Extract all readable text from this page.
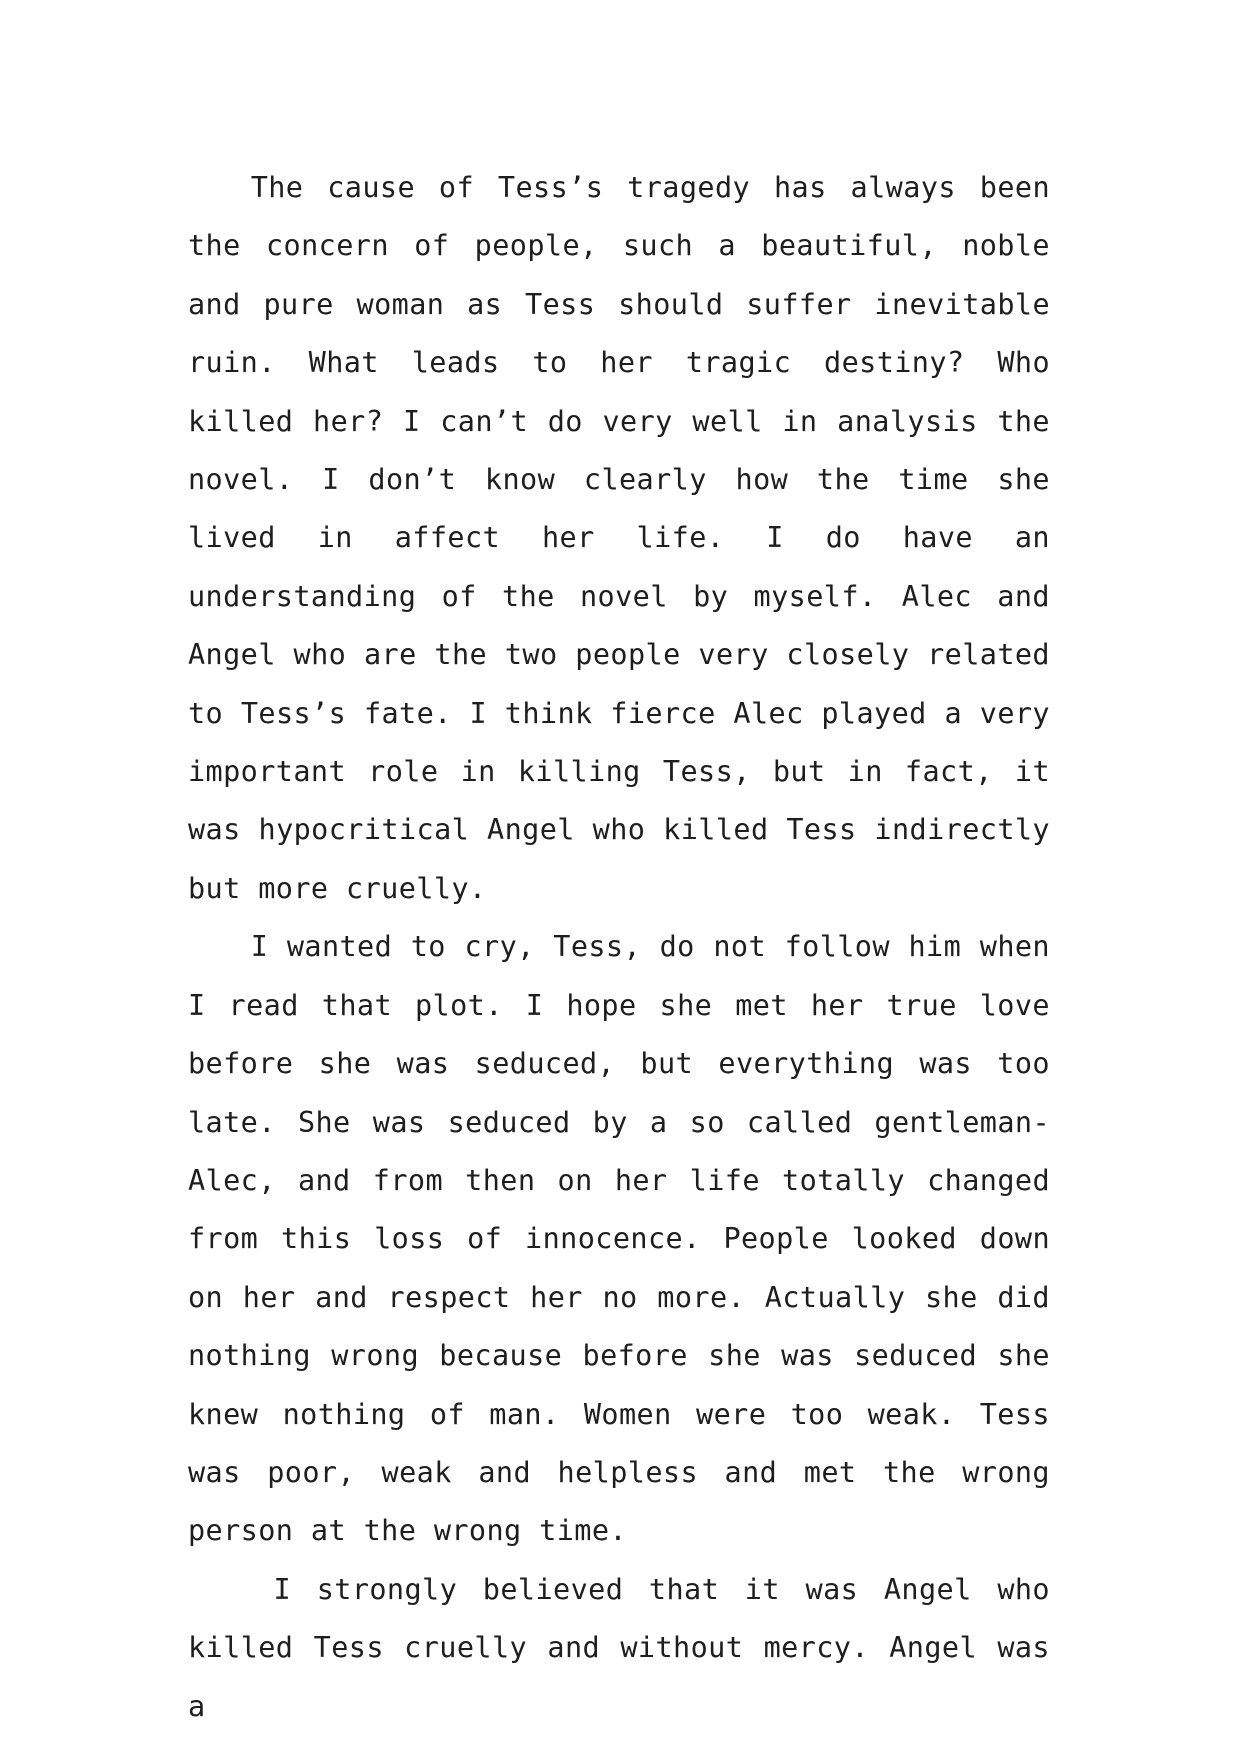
The cause of Tess’s tragedy has always been the concern of people, such a beautiful, noble and pure woman as Tess should suffer inevitable ruin. What leads to her tragic destiny? Who killed her? I can’t do very well in analysis the novel. I don’t know clearly how the time she lived in affect her life. I do have an understanding of the novel by myself. Alec and Angel who are the two people very closely related to Tess’s fate. I think fierce Alec played a very important role in killing Tess, but in fact, it was hypocritical Angel who killed Tess indirectly but more cruelly.

I wanted to cry, Tess, do not follow him when I read that plot. I hope she met her true love before she was seduced, but everything was too late. She was seduced by a so called gentleman-Alec, and from then on her life totally changed from this loss of innocence. People looked down on her and respect her no more. Actually she did nothing wrong because before she was seduced she knew nothing of man. Women were too weak. Tess was poor, weak and helpless and met the wrong person at the wrong time.

I strongly believed that it was Angel who killed Tess cruelly and without mercy. Angel was a
